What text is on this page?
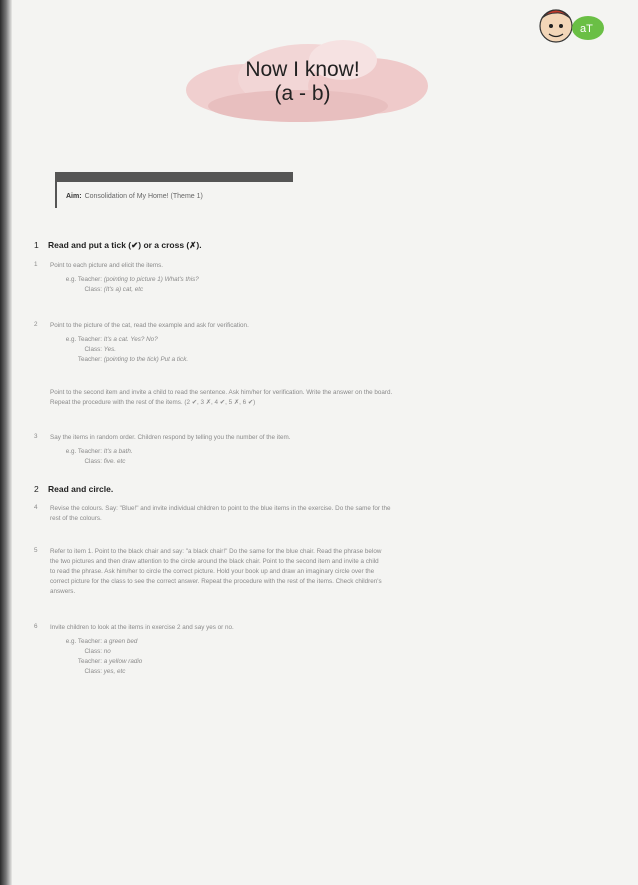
Now I know!
(a - b)
aT
Aim: Consolidation of My Home! (Theme 1)
1 Read and put a tick (✔) or a cross (✗).
1 Point to each picture and elicit the items.
e.g. Teacher: (pointing to picture 1) What's this?
Class: (It's a) cat, etc
2 Point to the picture of the cat, read the example and ask for verification.
e.g. Teacher: It's a cat. Yes? No?
Class: Yes.
Teacher: (pointing to the tick) Put a tick.
Point to the second item and invite a child to read the sentence. Ask him/her for verification. Write the answer on the board.
Repeat the procedure with the rest of the items. (2 ✔, 3 ✗, 4 ✔, 5 ✗, 6 ✔)
3 Say the items in random order. Children respond by telling you the number of the item.
e.g. Teacher: It's a bath.
Class: five. etc
2 Read and circle.
4 Revise the colours. Say: "Blue!" and invite individual children to point to the blue items in the exercise. Do the same for the
rest of the colours.
5 Refer to item 1. Point to the black chair and say: "a black chair!" Do the same for the blue chair. Read the phrase below
the two pictures and then draw attention to the circle around the black chair. Point to the second item and invite a child
to read the phrase. Ask him/her to circle the correct picture. Hold your book up and draw an imaginary circle over the
correct picture for the class to see the correct answer. Repeat the procedure with the rest of the items. Check children's
answers.
6 Invite children to look at the items in exercise 2 and say yes or no.
e.g. Teacher: a green bed
Class: no
Teacher: a yellow radio
Class: yes, etc
